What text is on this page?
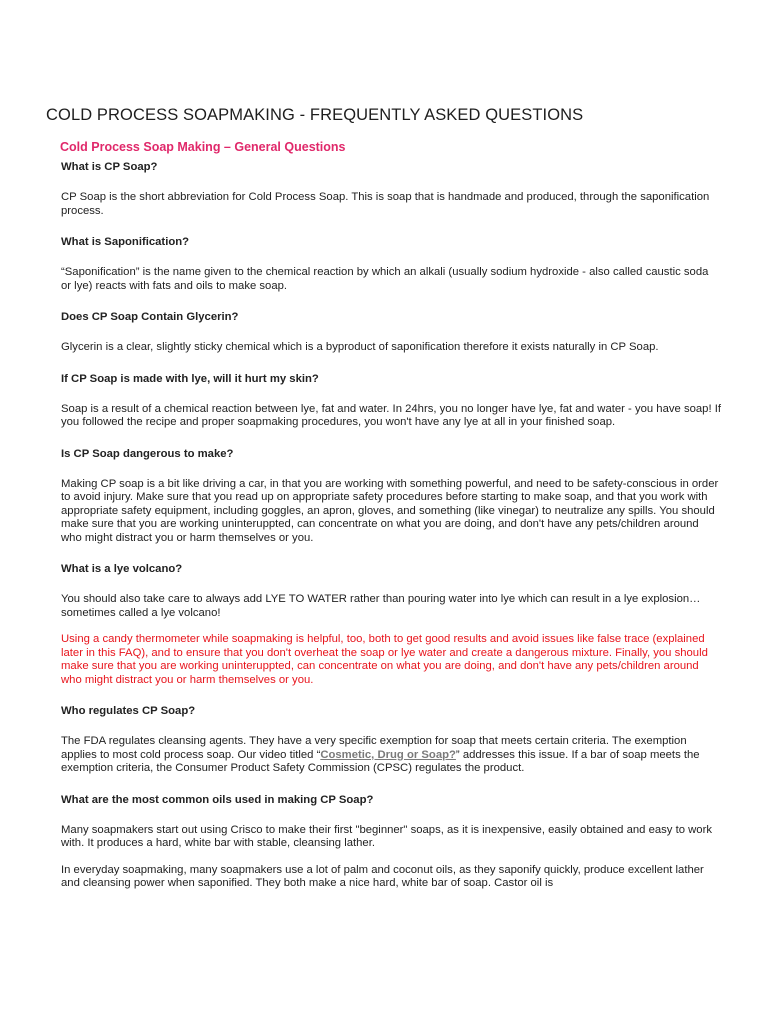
COLD PROCESS SOAPMAKING - FREQUENTLY ASKED QUESTIONS
Cold Process Soap Making – General Questions

What is CP Soap?

CP Soap is the short abbreviation for Cold Process Soap. This is soap that is handmade and produced, through the saponification process.

What is Saponification?

“Saponification” is the name given to the chemical reaction by which an alkali (usually sodium hydroxide - also called caustic soda or lye) reacts with fats and oils to make soap.

Does CP Soap Contain Glycerin?

Glycerin is a clear, slightly sticky chemical which is a byproduct of saponification therefore it exists naturally in CP Soap.

If CP Soap is made with lye, will it hurt my skin?

Soap is a result of a chemical reaction between lye, fat and water. In 24hrs, you no longer have lye, fat and water - you have soap! If you followed the recipe and proper soapmaking procedures, you won't have any lye at all in your finished soap.

Is CP Soap dangerous to make?

Making CP soap is a bit like driving a car, in that you are working with something powerful, and need to be safety-conscious in order to avoid injury. Make sure that you read up on appropriate safety procedures before starting to make soap, and that you work with appropriate safety equipment, including goggles, an apron, gloves, and something (like vinegar) to neutralize any spills. You should make sure that you are working uninteruppted, can concentrate on what you are doing, and don't have any pets/children around who might distract you or harm themselves or you.

What is a lye volcano?

You should also take care to always add LYE TO WATER rather than pouring water into lye which can result in a lye explosion…sometimes called a lye volcano!

Using a candy thermometer while soapmaking is helpful, too, both to get good results and avoid issues like false trace (explained later in this FAQ), and to ensure that you don't overheat the soap or lye water and create a dangerous mixture. Finally, you should make sure that you are working uninteruppted, can concentrate on what you are doing, and don't have any pets/children around who might distract you or harm themselves or you.

Who regulates CP Soap?

The FDA regulates cleansing agents. They have a very specific exemption for soap that meets certain criteria. The exemption applies to most cold process soap. Our video titled “Cosmetic, Drug or Soap?” addresses this issue. If a bar of soap meets the exemption criteria, the Consumer Product Safety Commission (CPSC) regulates the product.

What are the most common oils used in making CP Soap?

Many soapmakers start out using Crisco to make their first "beginner" soaps, as it is inexpensive, easily obtained and easy to work with. It produces a hard, white bar with stable, cleansing lather.

In everyday soapmaking, many soapmakers use a lot of palm and coconut oils, as they saponify quickly, produce excellent lather and cleansing power when saponified. They both make a nice hard, white bar of soap. Castor oil is
